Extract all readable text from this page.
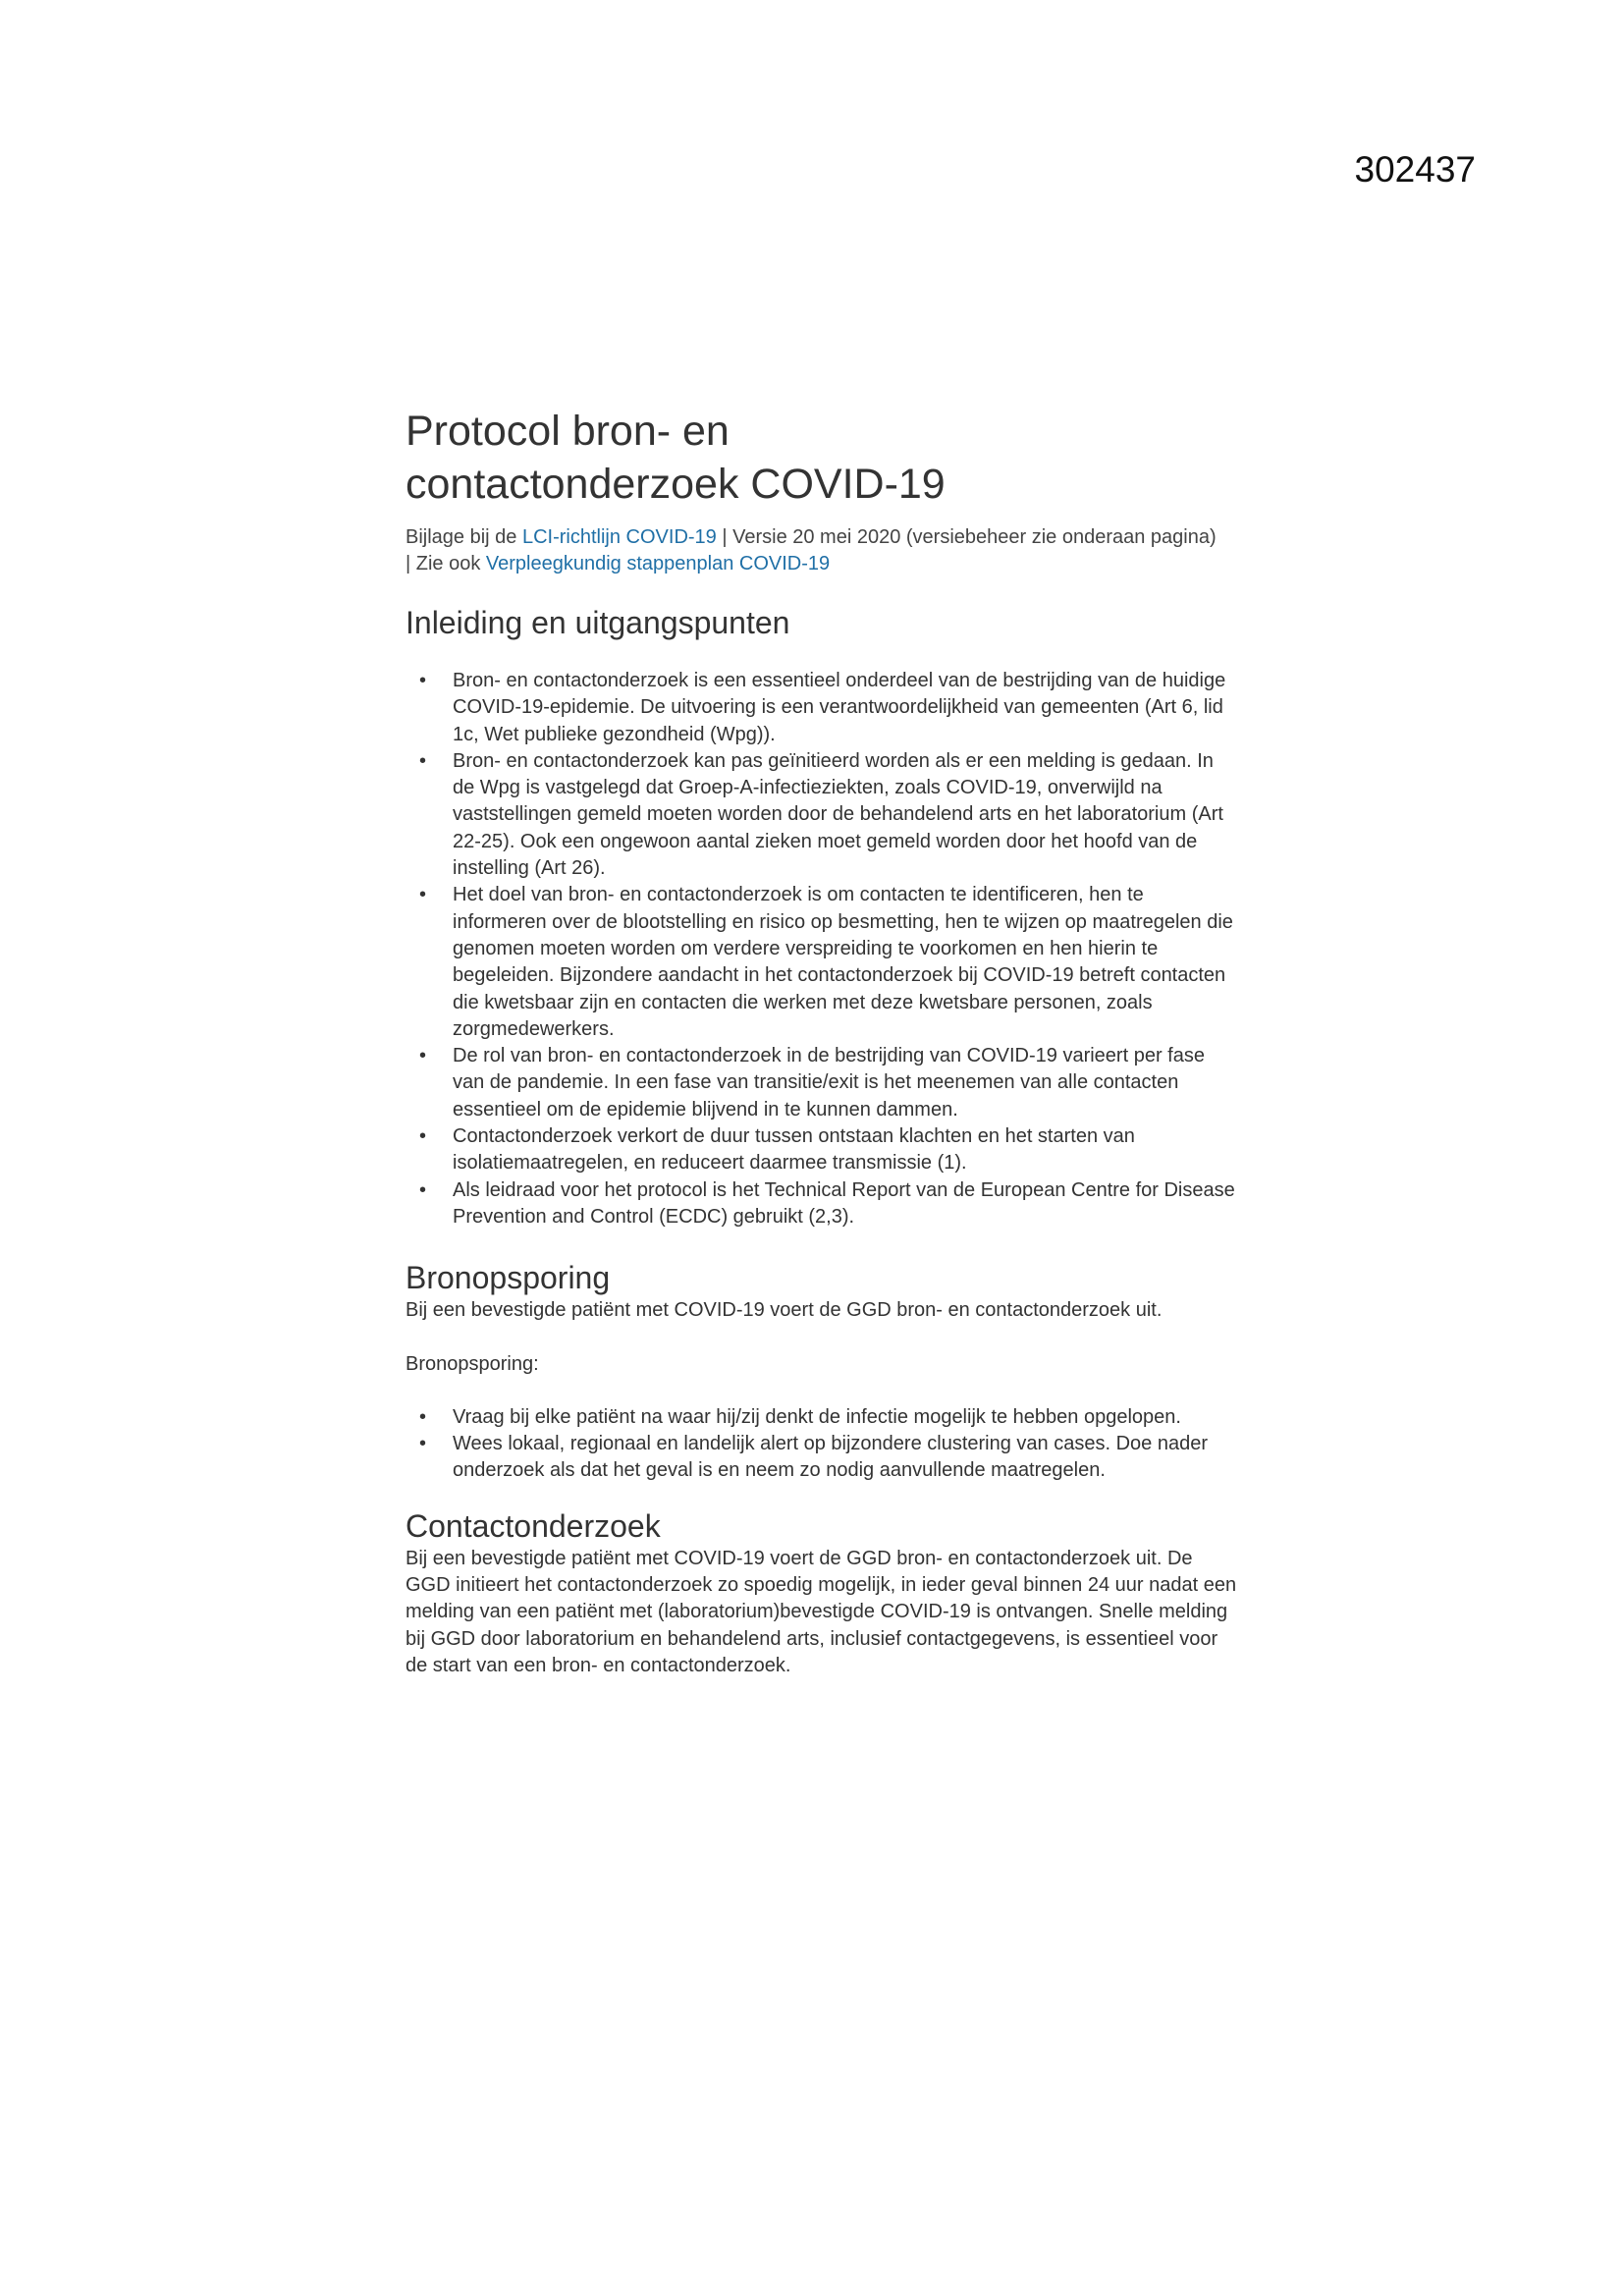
302437
Protocol bron- en
contactonderzoek COVID-19
Bijlage bij de LCI-richtlijn COVID-19 | Versie 20 mei 2020 (versiebeheer zie onderaan pagina)
| Zie ook Verpleegkundig stappenplan COVID-19
Inleiding en uitgangspunten
• Bron- en contactonderzoek is een essentieel onderdeel van de bestrijding van de huidige COVID-19-epidemie. De uitvoering is een verantwoordelijkheid van gemeenten (Art 6, lid 1c, Wet publieke gezondheid (Wpg)).
• Bron- en contactonderzoek kan pas geïnitieerd worden als er een melding is gedaan. In de Wpg is vastgelegd dat Groep-A-infectieziekten, zoals COVID-19, onverwijld na vaststellingen gemeld moeten worden door de behandelend arts en het laboratorium (Art 22-25). Ook een ongewoon aantal zieken moet gemeld worden door het hoofd van de instelling (Art 26).
• Het doel van bron- en contactonderzoek is om contacten te identificeren, hen te informeren over de blootstelling en risico op besmetting, hen te wijzen op maatregelen die genomen moeten worden om verdere verspreiding te voorkomen en hen hierin te begeleiden. Bijzondere aandacht in het contactonderzoek bij COVID-19 betreft contacten die kwetsbaar zijn en contacten die werken met deze kwetsbare personen, zoals zorgmedewerkers.
• De rol van bron- en contactonderzoek in de bestrijding van COVID-19 varieert per fase van de pandemie. In een fase van transitie/exit is het meenemen van alle contacten essentieel om de epidemie blijvend in te kunnen dammen.
• Contactonderzoek verkort de duur tussen ontstaan klachten en het starten van isolatiemaatregelen, en reduceert daarmee transmissie (1).
• Als leidraad voor het protocol is het Technical Report van de European Centre for Disease Prevention and Control (ECDC) gebruikt (2,3).
Bronopsporing

Bij een bevestigde patiënt met COVID-19 voert de GGD bron- en contactonderzoek uit.

Bronopsporing:

• Vraag bij elke patiënt na waar hij/zij denkt de infectie mogelijk te hebben opgelopen.
• Wees lokaal, regionaal en landelijk alert op bijzondere clustering van cases. Doe nader onderzoek als dat het geval is en neem zo nodig aanvullende maatregelen.
Contactonderzoek

Bij een bevestigde patiënt met COVID-19 voert de GGD bron- en contactonderzoek uit. De GGD initieert het contactonderzoek zo spoedig mogelijk, in ieder geval binnen 24 uur nadat een melding van een patiënt met (laboratorium)bevestigde COVID-19 is ontvangen. Snelle melding bij GGD door laboratorium en behandelend arts, inclusief contactgegevens, is essentieel voor de start van een bron- en contactonderzoek.
